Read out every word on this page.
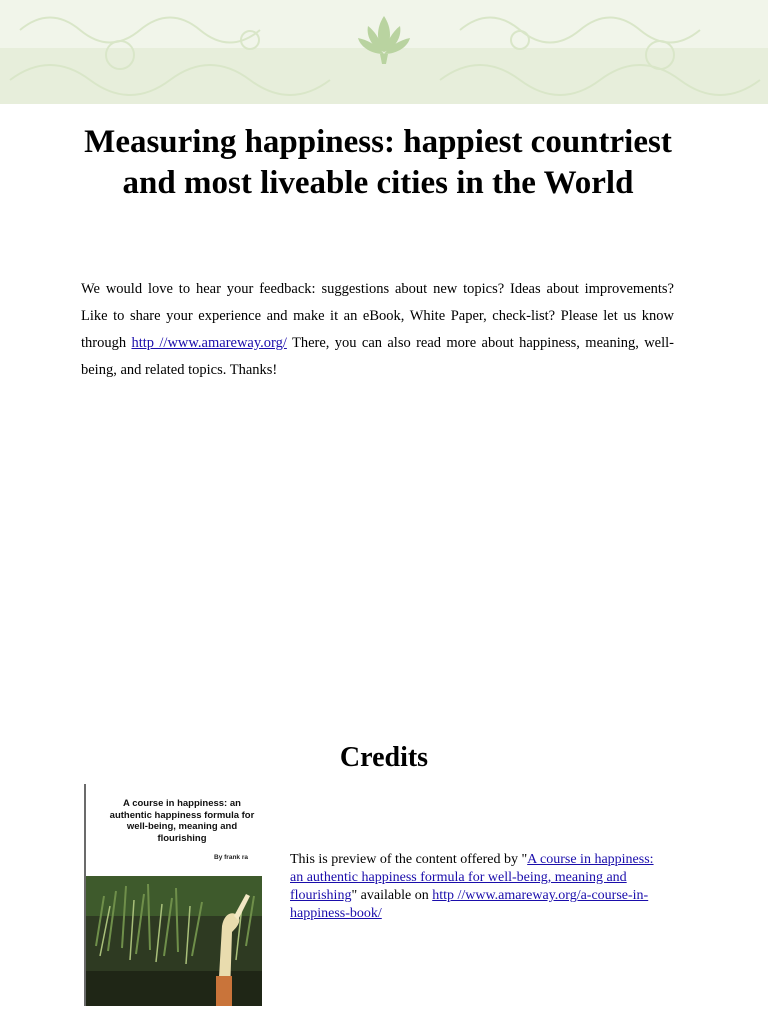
Measuring happiness: happiest countriest and most liveable cities in the World

We would love to hear your feedback: suggestions about new topics? Ideas about improvements? Like to share your experience and make it an eBook, White Paper, check-list? Please let us know through http //www.amareway.org/ There, you can also read more about happiness, meaning, well-being, and related topics. Thanks!

Credits

A course in happiness: an authentic happiness formula for well-being, meaning and flourishing

By frank ra	This is preview of the content offered by "A course in happiness: an authentic happiness formula for well-being, meaning and flourishing" available on http //www.amareway.org/a-course-in-happiness-book/
